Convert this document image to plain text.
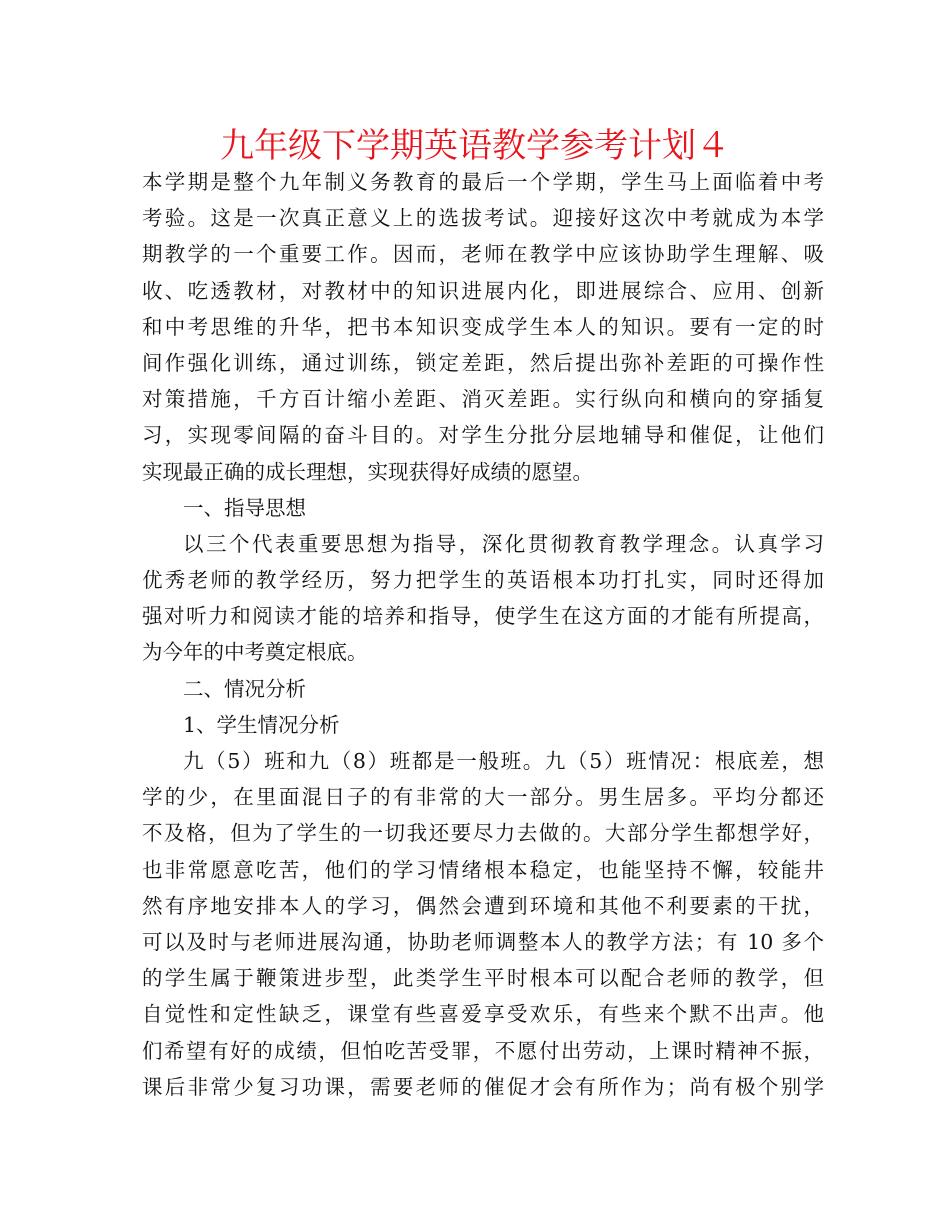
九年级下学期英语教学参考计划４
本学期是整个九年制义务教育的最后一个学期，学生马上面临着中考
考验。这是一次真正意义上的选拔考试。迎接好这次中考就成为本学
期教学的一个重要工作。因而，老师在教学中应该协助学生理解、吸
收、吃透教材，对教材中的知识进展内化，即进展综合、应用、创新
和中考思维的升华，把书本知识变成学生本人的知识。要有一定的时
间作强化训练，通过训练，锁定差距，然后提出弥补差距的可操作性
对策措施，千方百计缩小差距、消灭差距。实行纵向和横向的穿插复
习，实现零间隔的奋斗目的。对学生分批分层地辅导和催促，让他们
实现最正确的成长理想，实现获得好成绩的愿望。
一、指导思想
以三个代表重要思想为指导，深化贯彻教育教学理念。认真学习
优秀老师的教学经历，努力把学生的英语根本功打扎实，同时还得加
强对听力和阅读才能的培养和指导，使学生在这方面的才能有所提高，
为今年的中考奠定根底。
二、情况分析
1、学生情况分析
九（5）班和九（8）班都是一般班。九（5）班情况：根底差，想
学的少，在里面混日子的有非常的大一部分。男生居多。平均分都还
不及格，但为了学生的一切我还要尽力去做的。大部分学生都想学好，
也非常愿意吃苦，他们的学习情绪根本稳定，也能坚持不懈，较能井
然有序地安排本人的学习，偶然会遭到环境和其他不利要素的干扰，
可以及时与老师进展沟通，协助老师调整本人的教学方法；有 10 多个
的学生属于鞭策进步型，此类学生平时根本可以配合老师的教学，但
自觉性和定性缺乏，课堂有些喜爱享受欢乐，有些来个默不出声。他
们希望有好的成绩，但怕吃苦受罪，不愿付出劳动，上课时精神不振，
课后非常少复习功课，需要老师的催促才会有所作为；尚有极个别学
